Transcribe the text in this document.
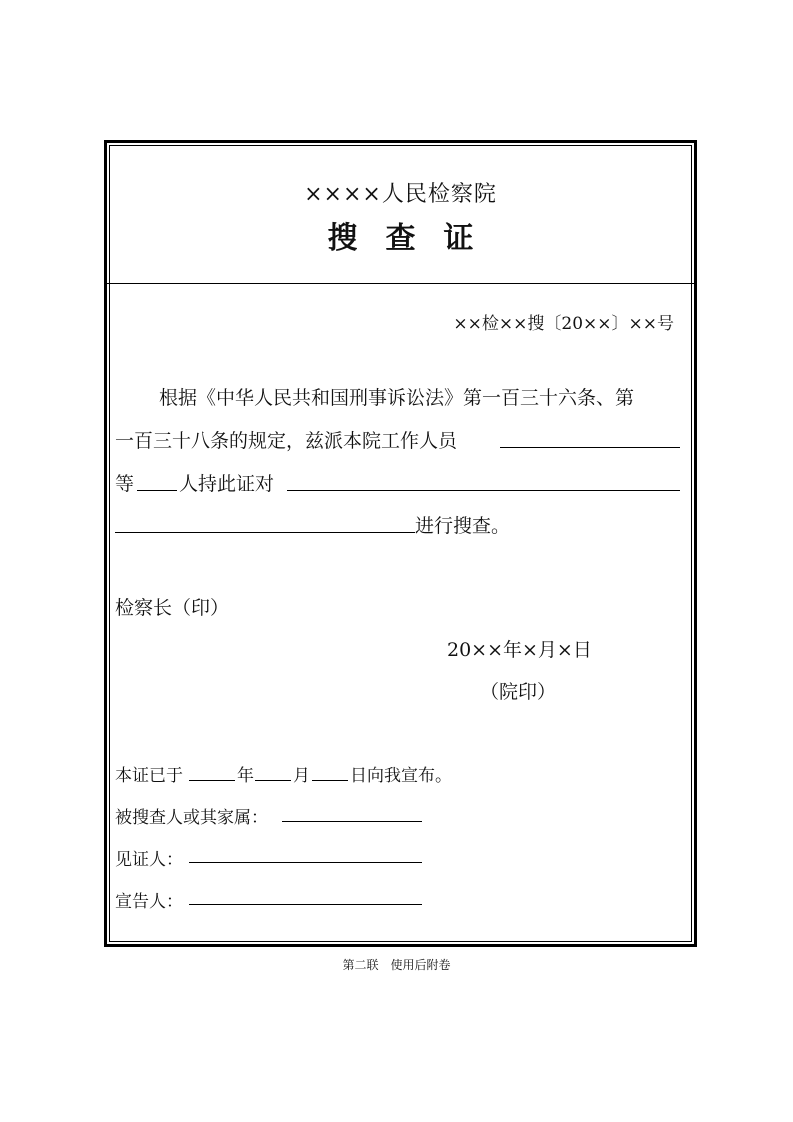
××××人民检察院
搜查证
××检××搜〔20××〕××号
根据《中华人民共和国刑事诉讼法》第一百三十六条、第
一百三十八条的规定，兹派本院工作人员
等 人持此证对
进行搜查。
检察长（印）
20××年×月×日
（院印）
本证已于	年 月 日向我宣布。
被搜查人或其家属：
见证人：
宣告人：
第二联　使用后附卷
